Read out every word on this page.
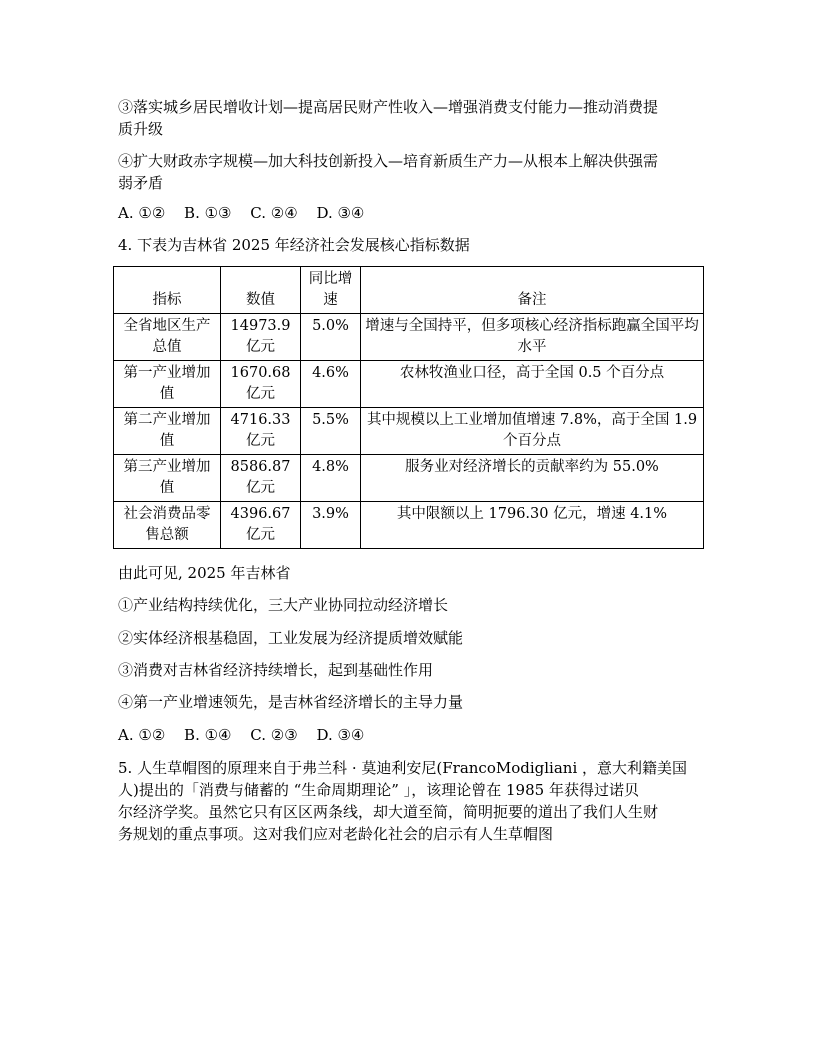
③落实城乡居民增收计划—提高居民财产性收入—增强消费支付能力—推动消费提
质升级
④扩大财政赤字规模—加大科技创新投入—培育新质生产力—从根本上解决供强需
弱矛盾
A. ①② B. ①③ C. ②④ D. ③④
4. 下表为吉林省 2025 年经济社会发展核心指标数据
指标	数值	同比增速	备注
全省地区生产总值	14973.9 亿元	5.0%	增速与全国持平，但多项核心经济指标跑赢全国平均水平
第一产业增加值	1670.68 亿元	4.6%	农林牧渔业口径，高于全国 0.5 个百分点
第二产业增加值	4716.33 亿元	5.5%	其中规模以上工业增加值增速 7.8%，高于全国 1.9 个百分点
第三产业增加值	8586.87 亿元	4.8%	服务业对经济增长的贡献率约为 55.0%
社会消费品零售总额	4396.67 亿元	3.9%	其中限额以上 1796.30 亿元，增速 4.1%
由此可见, 2025 年吉林省
①产业结构持续优化，三大产业协同拉动经济增长
②实体经济根基稳固，工业发展为经济提质增效赋能
③消费对吉林省经济持续增长，起到基础性作用
④第一产业增速领先，是吉林省经济增长的主导力量
A. ①② B. ①④ C. ②③ D. ③④
5. 人生草帽图的原理来自于弗兰科 · 莫迪利安尼(FrancoModigliani ，意大利籍美国
人)提出的「消费与储蓄的 “生命周期理论” 」，该理论曾在 1985 年获得过诺贝
尔经济学奖。虽然它只有区区两条线，却大道至简，简明扼要的道出了我们人生财
务规划的重点事项。这对我们应对老龄化社会的启示有人生草帽图
